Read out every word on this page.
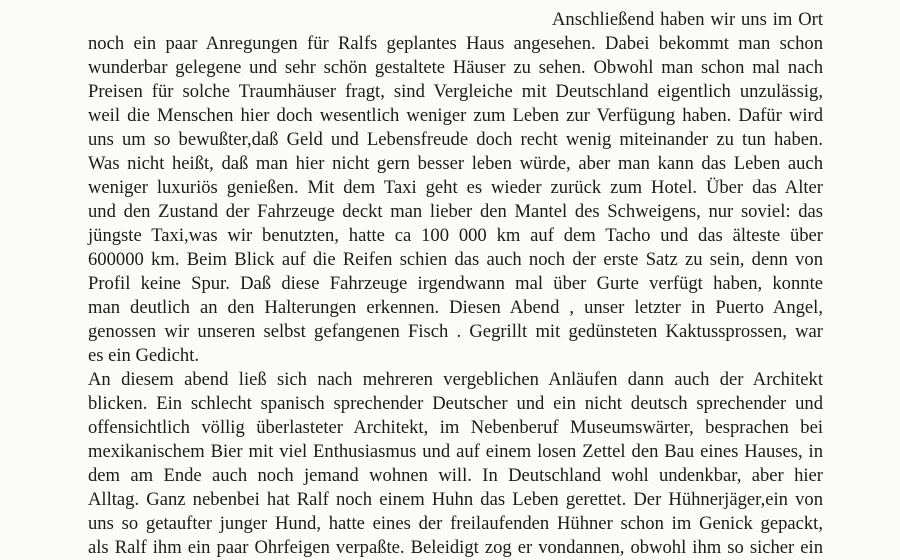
Anschließend haben wir uns im Ort
noch ein paar Anregungen für Ralfs geplantes Haus angesehen. Dabei bekommt man schon
wunderbar gelegene und sehr schön gestaltete Häuser zu sehen. Obwohl man schon mal nach
Preisen für solche Traumhäuser fragt, sind Vergleiche mit Deutschland eigentlich unzulässig,
weil die Menschen hier doch wesentlich weniger zum Leben zur Verfügung haben. Dafür wird
uns um so bewußter,daß Geld und Lebensfreude doch recht wenig miteinander zu tun haben.
Was nicht heißt, daß man hier nicht gern besser leben würde, aber man kann das Leben auch
weniger luxuriös genießen. Mit dem Taxi geht es wieder zurück zum Hotel. Über das Alter
und den Zustand der Fahrzeuge deckt man lieber den Mantel des Schweigens, nur soviel: das
jüngste Taxi,was wir benutzten, hatte ca 100 000 km auf dem Tacho und das älteste über
600000 km. Beim Blick auf die Reifen schien das auch noch der erste Satz zu sein, denn von
Profil keine Spur. Daß diese Fahrzeuge irgendwann mal über Gurte verfügt haben, konnte
man deutlich an den Halterungen erkennen. Diesen Abend , unser letzter in Puerto Angel,
genossen wir unseren selbst gefangenen Fisch . Gegrillt mit gedünsteten Kaktussprossen, war
es ein Gedicht.
An diesem abend ließ sich nach mehreren vergeblichen Anläufen dann auch der Architekt
blicken. Ein schlecht spanisch sprechender Deutscher und ein nicht deutsch sprechender und
offensichtlich völlig überlasteter Architekt, im Nebenberuf Museumswärter, besprachen bei
mexikanischem Bier mit viel Enthusiasmus und auf einem losen Zettel den Bau eines Hauses, in
dem am Ende auch noch jemand wohnen will. In Deutschland wohl undenkbar, aber hier
Alltag. Ganz nebenbei hat Ralf noch einem Huhn das Leben gerettet. Der Hühnerjäger,ein von
uns so getaufter junger Hund, hatte eines der freilaufenden Hühner schon im Genick gepackt,
als Ralf ihm ein paar Ohrfeigen verpaßte. Beleidigt zog er vondannen, obwohl ihm so sicher ein
